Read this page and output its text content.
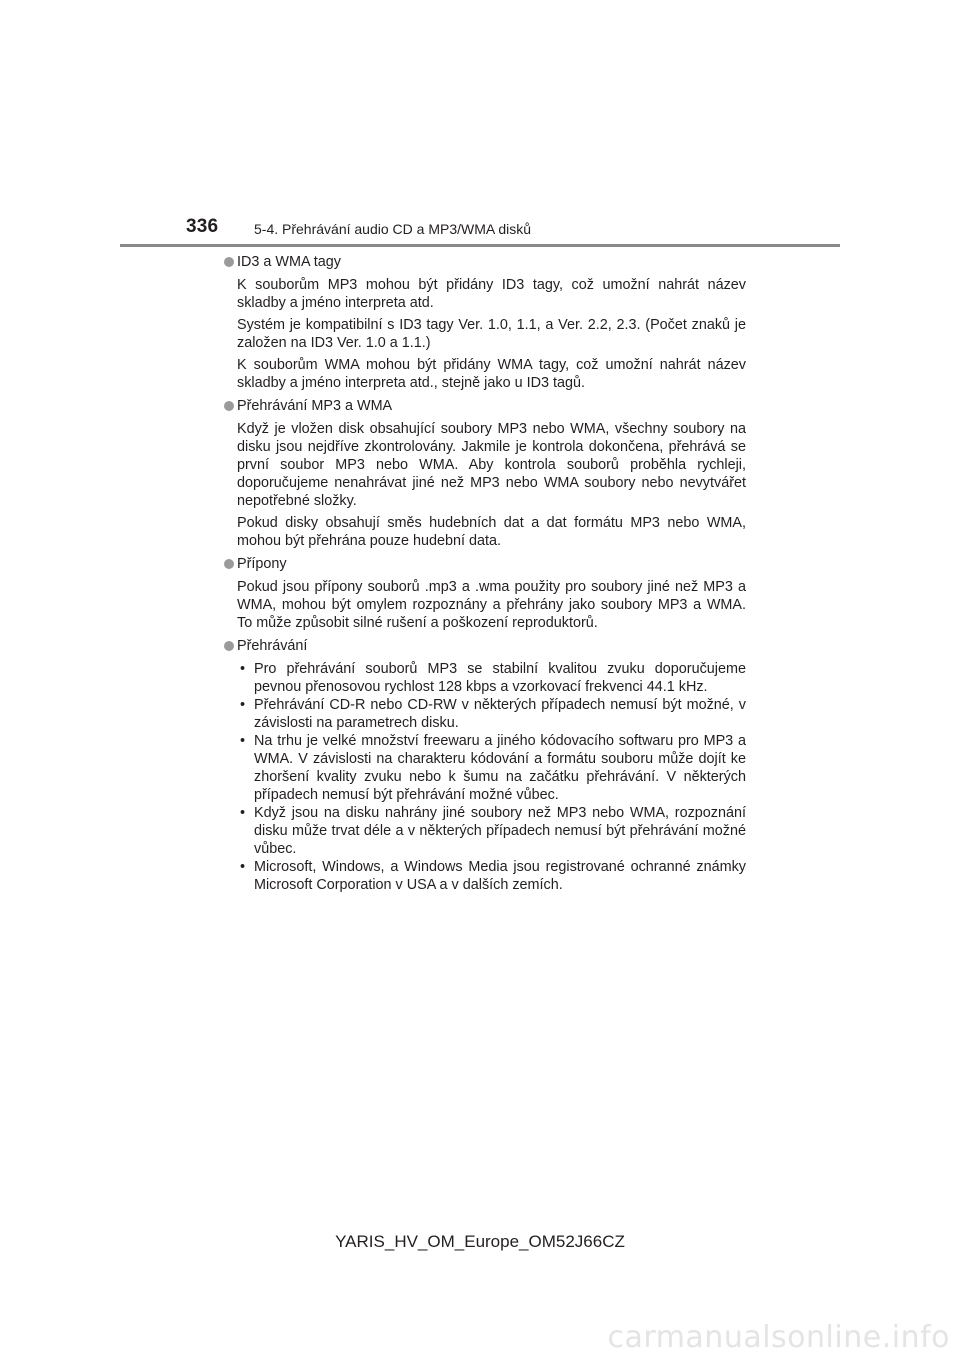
336	5-4. Přehrávání audio CD a MP3/WMA disků
ID3 a WMA tagy

K souborům MP3 mohou být přidány ID3 tagy, což umožní nahrát název skladby a jméno interpreta atd.

Systém je kompatibilní s ID3 tagy Ver. 1.0, 1.1, a Ver. 2.2, 2.3. (Počet znaků je založen na ID3 Ver. 1.0 a 1.1.)

K souborům WMA mohou být přidány WMA tagy, což umožní nahrát název skladby a jméno interpreta atd., stejně jako u ID3 tagů.

Přehrávání MP3 a WMA

Když je vložen disk obsahující soubory MP3 nebo WMA, všechny soubory na disku jsou nejdříve zkontrolovány. Jakmile je kontrola dokončena, přehrává se první soubor MP3 nebo WMA. Aby kontrola souborů proběhla rychleji, doporučujeme nenahrávat jiné než MP3 nebo WMA soubory nebo nevytvářet nepotřebné složky.

Pokud disky obsahují směs hudebních dat a dat formátu MP3 nebo WMA, mohou být přehrána pouze hudební data.

Přípony

Pokud jsou přípony souborů .mp3 a .wma použity pro soubory jiné než MP3 a WMA, mohou být omylem rozpoznány a přehrány jako soubory MP3 a WMA. To může způsobit silné rušení a poškození reproduktorů.

Přehrávání
• Pro přehrávání souborů MP3 se stabilní kvalitou zvuku doporučujeme pevnou přenosovou rychlost 128 kbps a vzorkovací frekvenci 44.1 kHz.
• Přehrávání CD-R nebo CD-RW v některých případech nemusí být možné, v závislosti na parametrech disku.
• Na trhu je velké množství freewaru a jiného kódovacího softwaru pro MP3 a WMA. V závislosti na charakteru kódování a formátu souboru může dojít ke zhoršení kvality zvuku nebo k šumu na začátku přehrávání. V některých případech nemusí být přehrávání možné vůbec.
• Když jsou na disku nahrány jiné soubory než MP3 nebo WMA, rozpoznání disku může trvat déle a v některých případech nemusí být přehrávání možné vůbec.
• Microsoft, Windows, a Windows Media jsou registrované ochranné známky Microsoft Corporation v USA a v dalších zemích.
YARIS_HV_OM_Europe_OM52J66CZ
carmanualsonline.info
